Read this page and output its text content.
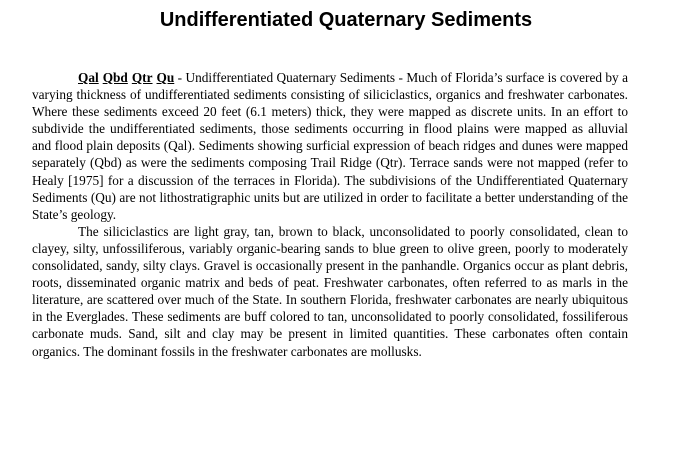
Undifferentiated Quaternary Sediments

Qal Qbd Qtr Qu - Undifferentiated Quaternary Sediments - Much of Florida’s surface is covered by a varying thickness of undifferentiated sediments consisting of siliciclastics, organics and freshwater carbonates. Where these sediments exceed 20 feet (6.1 meters) thick, they were mapped as discrete units. In an effort to subdivide the undifferentiated sediments, those sediments occurring in flood plains were mapped as alluvial and flood plain deposits (Qal). Sediments showing surficial expression of beach ridges and dunes were mapped separately (Qbd) as were the sediments composing Trail Ridge (Qtr). Terrace sands were not mapped (refer to Healy [1975] for a discussion of the terraces in Florida). The subdivisions of the Undifferentiated Quaternary Sediments (Qu) are not lithostratigraphic units but are utilized in order to facilitate a better understanding of the State’s geology.

The siliciclastics are light gray, tan, brown to black, unconsolidated to poorly consolidated, clean to clayey, silty, unfossiliferous, variably organic-bearing sands to blue green to olive green, poorly to moderately consolidated, sandy, silty clays. Gravel is occasionally present in the panhandle. Organics occur as plant debris, roots, disseminated organic matrix and beds of peat. Freshwater carbonates, often referred to as marls in the literature, are scattered over much of the State. In southern Florida, freshwater carbonates are nearly ubiquitous in the Everglades. These sediments are buff colored to tan, unconsolidated to poorly consolidated, fossiliferous carbonate muds. Sand, silt and clay may be present in limited quantities. These carbonates often contain organics. The dominant fossils in the freshwater carbonates are mollusks.
